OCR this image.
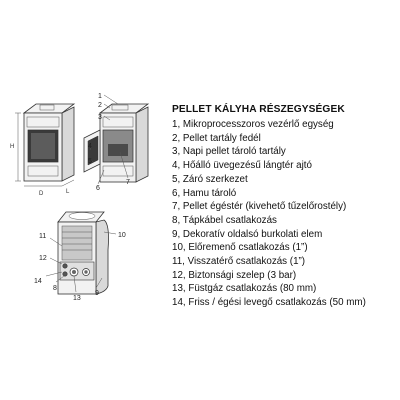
H
D	L
1
2
3
4
5
6
7
11
12
14
8
13
9
10
PELLET KÁLYHA RÉSZEGYSÉGEK
1, Mikroprocesszoros vezérlő egység
2, Pellet tartály fedél
3, Napi pellet tároló tartály
4, Hőálló üvegezésű lángtér ajtó
5, Záró szerkezet
6, Hamu tároló
7, Pellet égéstér (kivehető tűzelőrostély)
8, Tápkábel csatlakozás
9, Dekoratív oldalsó burkolati elem
10, Előremenő csatlakozás (1”)
11, Visszatérő csatlakozás (1”)
12, Biztonsági szelep (3 bar)
13, Füstgáz csatlakozás (80 mm)
14, Friss / égési levegő csatlakozás (50 mm)
